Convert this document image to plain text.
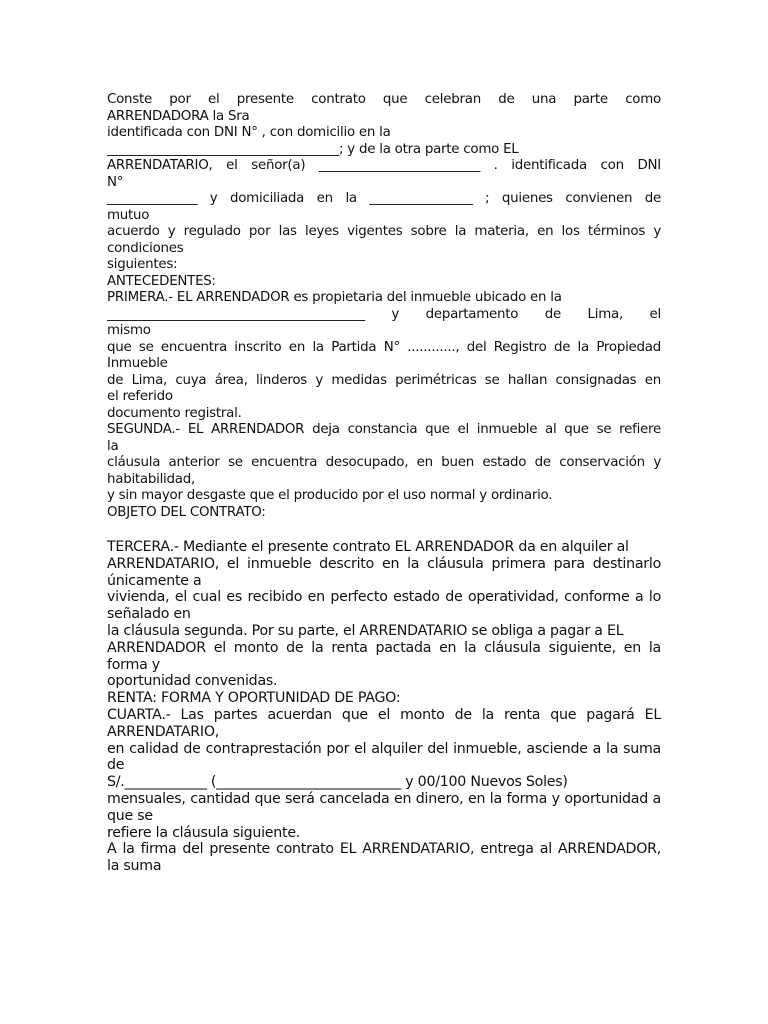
Conste por el presente contrato que celebran de una parte como
ARRENDADORA la Sra
identificada con DNI N° , con domicilio en la
____________________________________; y de la otra parte como EL
ARRENDATARIO, el señor(a) _________________________ . identificada con DNI
N°
______________ y domiciliada en la ________________ ; quienes convienen de
mutuo
acuerdo y regulado por las leyes vigentes sobre la materia, en los términos y
condiciones
siguientes:
ANTECEDENTES:
PRIMERA.- EL ARRENDADOR es propietaria del inmueble ubicado en la
________________________________________ y departamento de Lima, el
mismo
que se encuentra inscrito en la Partida N° ............, del Registro de la Propiedad
Inmueble
de Lima, cuya área, linderos y medidas perimétricas se hallan consignadas en
el referido
documento registral.
SEGUNDA.- EL ARRENDADOR deja constancia que el inmueble al que se refiere
la
cláusula anterior se encuentra desocupado, en buen estado de conservación y
habitabilidad,
y sin mayor desgaste que el producido por el uso normal y ordinario.
OBJETO DEL CONTRATO:
TERCERA.- Mediante el presente contrato EL ARRENDADOR da en alquiler al
ARRENDATARIO, el inmueble descrito en la cláusula primera para destinarlo
únicamente a
vivienda, el cual es recibido en perfecto estado de operatividad, conforme a lo
señalado en
la cláusula segunda. Por su parte, el ARRENDATARIO se obliga a pagar a EL
ARRENDADOR el monto de la renta pactada en la cláusula siguiente, en la
forma y
oportunidad convenidas.
RENTA: FORMA Y OPORTUNIDAD DE PAGO:
CUARTA.- Las partes acuerdan que el monto de la renta que pagará EL
ARRENDATARIO,
en calidad de contraprestación por el alquiler del inmueble, asciende a la suma
de
S/.____________ (___________________________ y 00/100 Nuevos Soles)
mensuales, cantidad que será cancelada en dinero, en la forma y oportunidad a
que se
refiere la cláusula siguiente.
A la firma del presente contrato EL ARRENDATARIO, entrega al ARRENDADOR,
la suma
